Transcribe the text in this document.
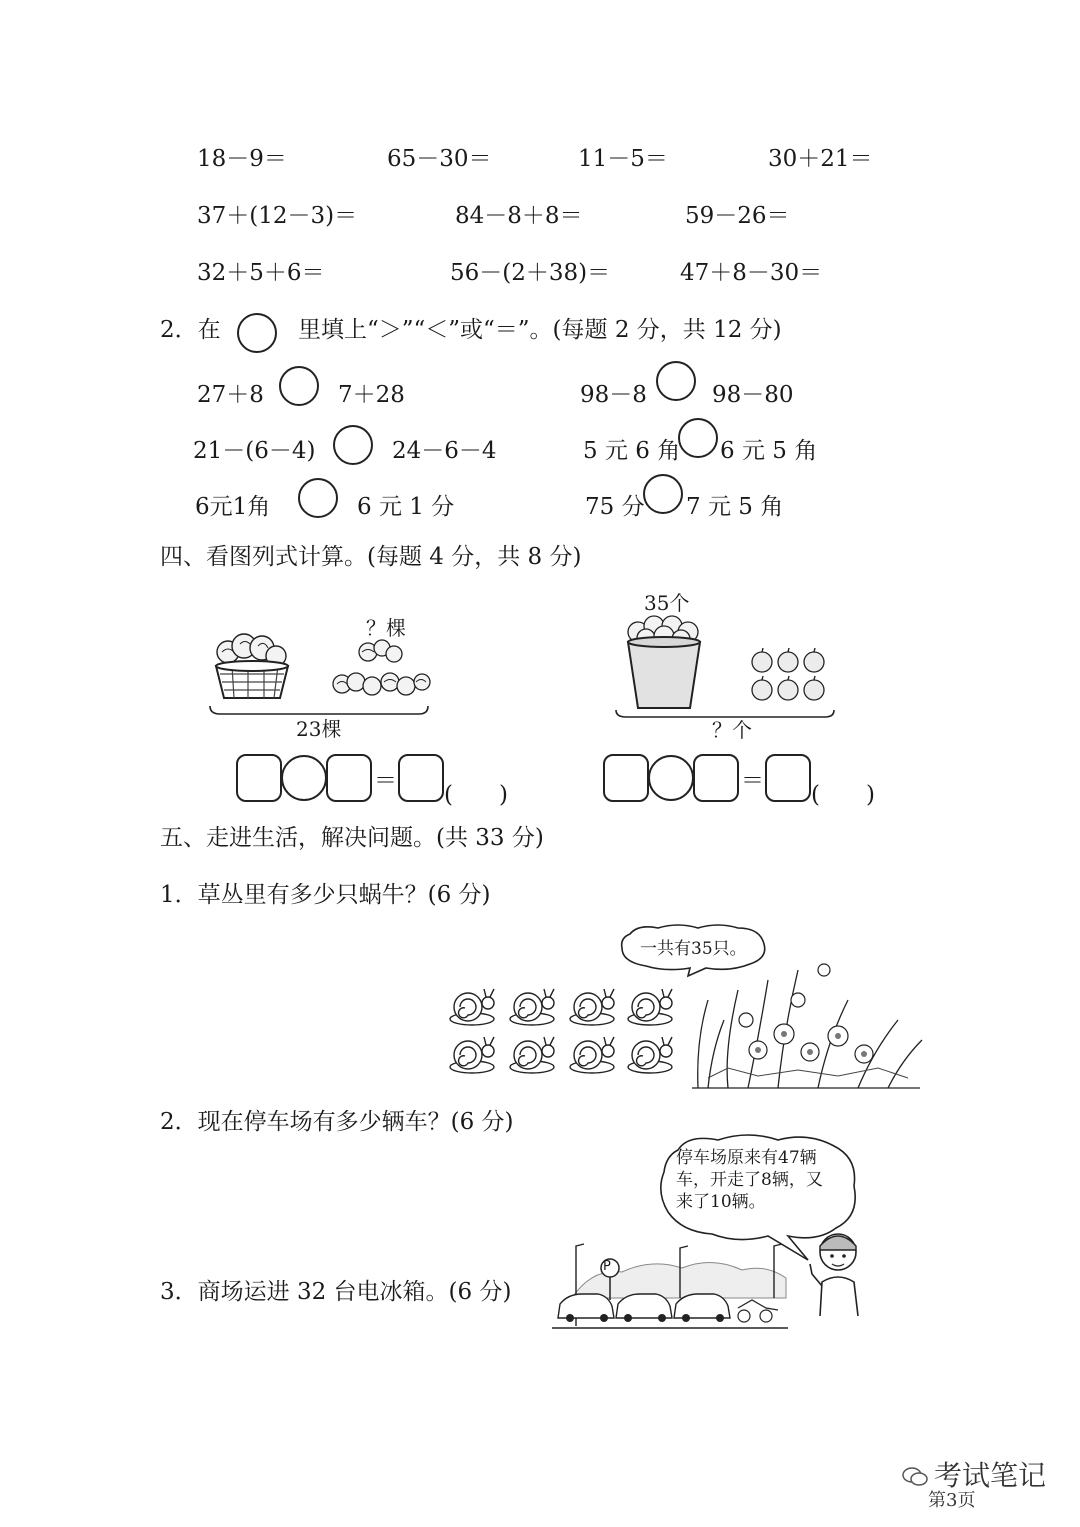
18－9＝	65－30＝	11－5＝	30＋21＝
37＋(12－3)＝	84－8＋8＝	59－26＝
32＋5＋6＝	56－(2＋38)＝	47＋8－30＝
2．在	里填上“＞”“＜”或“＝”。(每题 2 分，共 12 分)
27＋8	7＋28	98－8	98－80
21－(6－4)	24－6－4	5 元 6 角 6 元 5 角
6元1角	6 元 1 分	75 分 7 元 5 角
四、看图列式计算。(每题 4 分，共 8 分)
？棵
23棵
35个
？个
＝
(　　)
＝
(　　)
五、走进生活，解决问题。(共 33 分)
1．草丛里有多少只蜗牛？(6 分)
一共有35只。
2．现在停车场有多少辆车？(6 分)
停车场原来有47辆
车，开走了8辆，又
来了10辆。
P
3．商场运进 32 台电冰箱。(6 分)
考试笔记
第3页
